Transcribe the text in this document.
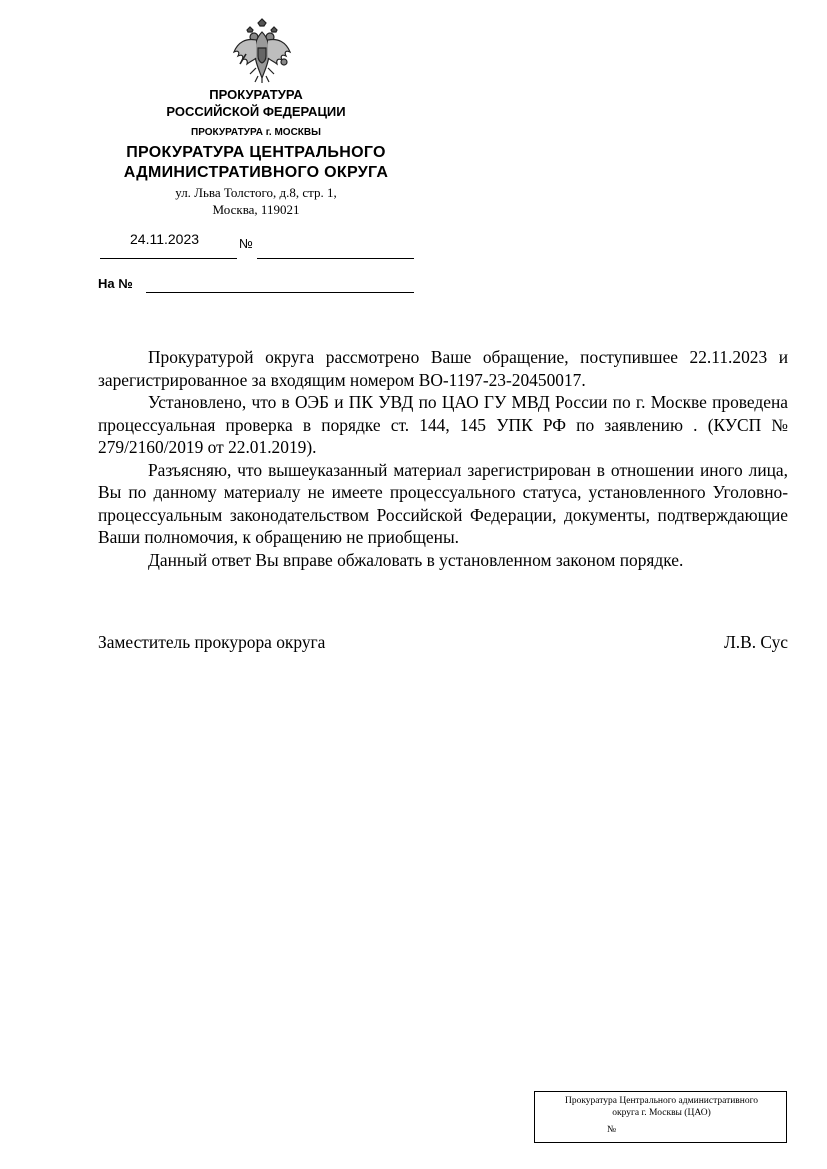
ПРОКУРАТУРА
РОССИЙСКОЙ ФЕДЕРАЦИИ
ПРОКУРАТУРА г. МОСКВЫ
ПРОКУРАТУРА ЦЕНТРАЛЬНОГО
АДМИНИСТРАТИВНОГО ОКРУГА
ул. Льва Толстого, д.8, стр. 1,
Москва, 119021
24.11.2023	№
На №

Прокуратурой округа рассмотрено Ваше обращение, поступившее 22.11.2023 и зарегистрированное за входящим номером ВО-1197-23-20450017.

Установлено, что в ОЭБ и ПК УВД по ЦАО ГУ МВД России по г. Москве проведена процессуальная проверка в порядке ст. 144, 145 УПК РФ по заявлению . (КУСП № 279/2160/2019 от 22.01.2019).

Разъясняю, что вышеуказанный материал зарегистрирован в отношении иного лица, Вы по данному материалу не имеете процессуального статуса, установленного Уголовно-процессуальным законодательством Российской Федерации, документы, подтверждающие Ваши полномочия, к обращению не приобщены.

Данный ответ Вы вправе обжаловать в установленном законом порядке.

Заместитель прокурора округа	Л.В. Сус
Прокуратура Центрального административного
округа г. Москвы (ЦАО)
№
